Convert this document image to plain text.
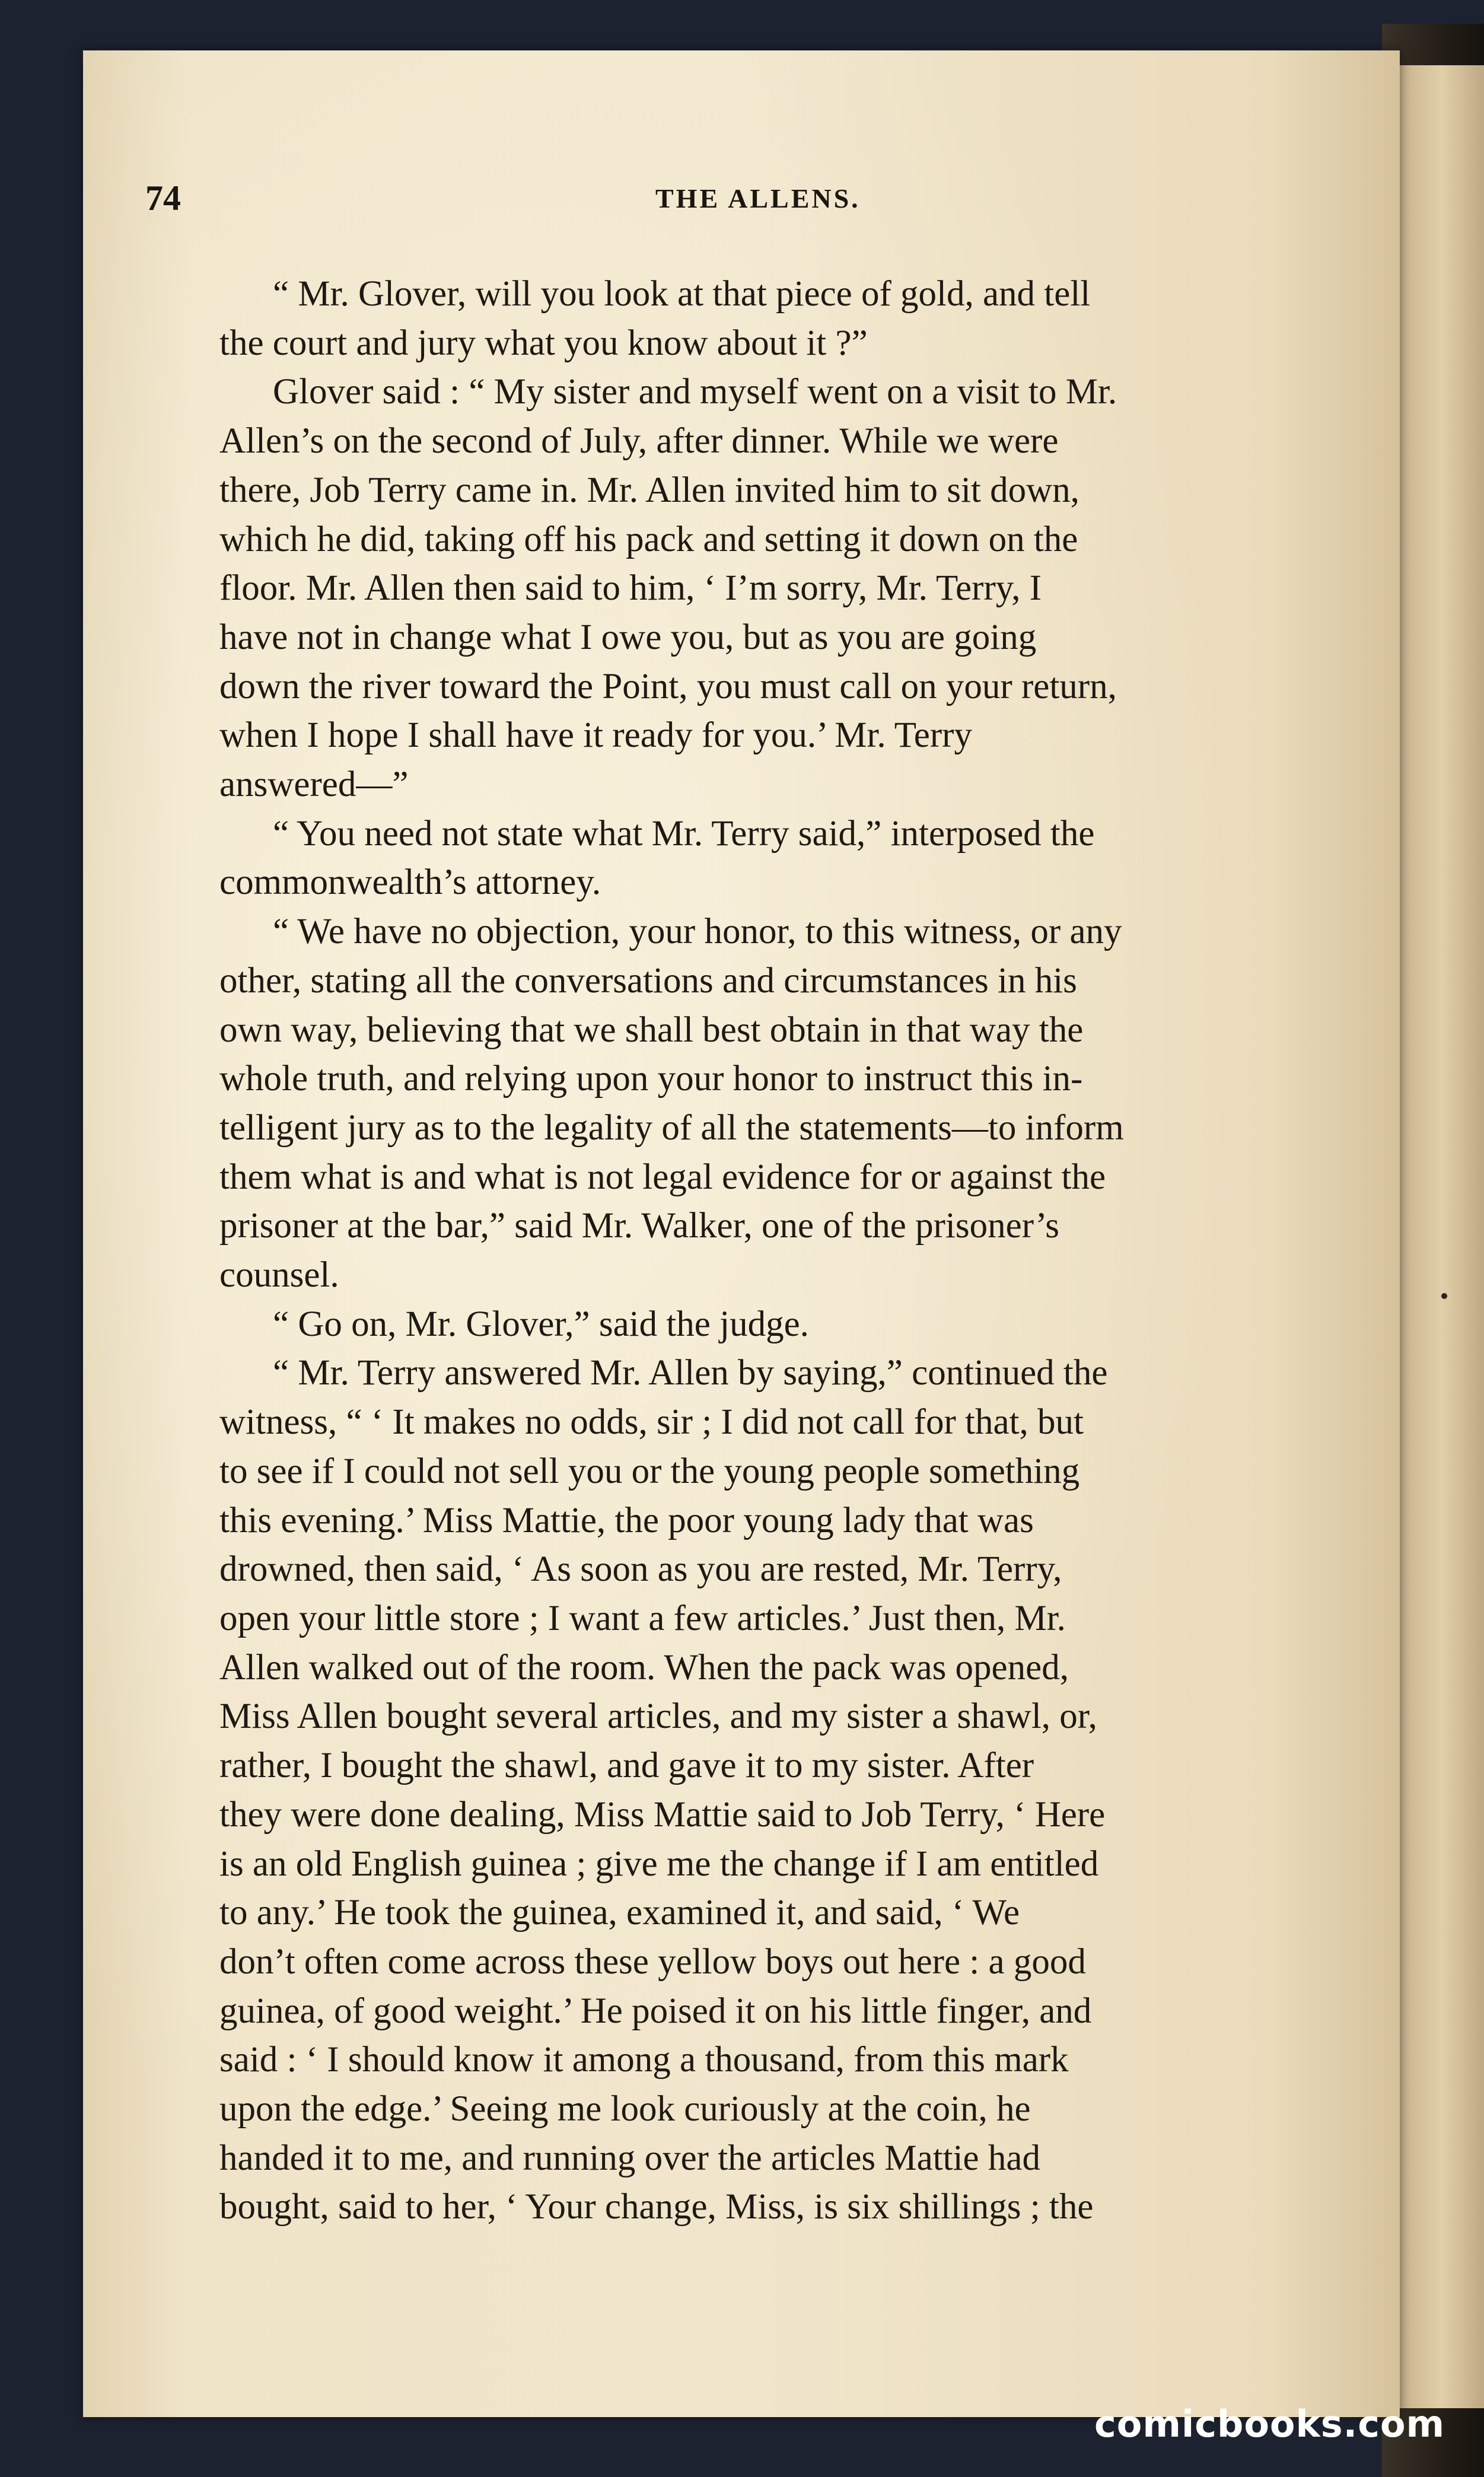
74	THE ALLENS.
“ Mr. Glover, will you look at that piece of gold, and tell
the court and jury what you know about it ?”
Glover said : “ My sister and myself went on a visit to Mr.
Allen’s on the second of July, after dinner. While we were
there, Job Terry came in. Mr. Allen invited him to sit down,
which he did, taking off his pack and setting it down on the
floor. Mr. Allen then said to him, ‘ I’m sorry, Mr. Terry, I
have not in change what I owe you, but as you are going
down the river toward the Point, you must call on your return,
when I hope I shall have it ready for you.’ Mr. Terry
answered—”
“ You need not state what Mr. Terry said,” interposed the
commonwealth’s attorney.
“ We have no objection, your honor, to this witness, or any
other, stating all the conversations and circumstances in his
own way, believing that we shall best obtain in that way the
whole truth, and relying upon your honor to instruct this in-
telligent jury as to the legality of all the statements—to inform
them what is and what is not legal evidence for or against the
prisoner at the bar,” said Mr. Walker, one of the prisoner’s
counsel.
“ Go on, Mr. Glover,” said the judge.
“ Mr. Terry answered Mr. Allen by saying,” continued the
witness, “ ‘ It makes no odds, sir ; I did not call for that, but
to see if I could not sell you or the young people something
this evening.’ Miss Mattie, the poor young lady that was
drowned, then said, ‘ As soon as you are rested, Mr. Terry,
open your little store ; I want a few articles.’ Just then, Mr.
Allen walked out of the room. When the pack was opened,
Miss Allen bought several articles, and my sister a shawl, or,
rather, I bought the shawl, and gave it to my sister. After
they were done dealing, Miss Mattie said to Job Terry, ‘ Here
is an old English guinea ; give me the change if I am entitled
to any.’ He took the guinea, examined it, and said, ‘ We
don’t often come across these yellow boys out here : a good
guinea, of good weight.’ He poised it on his little finger, and
said : ‘ I should know it among a thousand, from this mark
upon the edge.’ Seeing me look curiously at the coin, he
handed it to me, and running over the articles Mattie had
bought, said to her, ‘ Your change, Miss, is six shillings ; the
comicbooks.com
